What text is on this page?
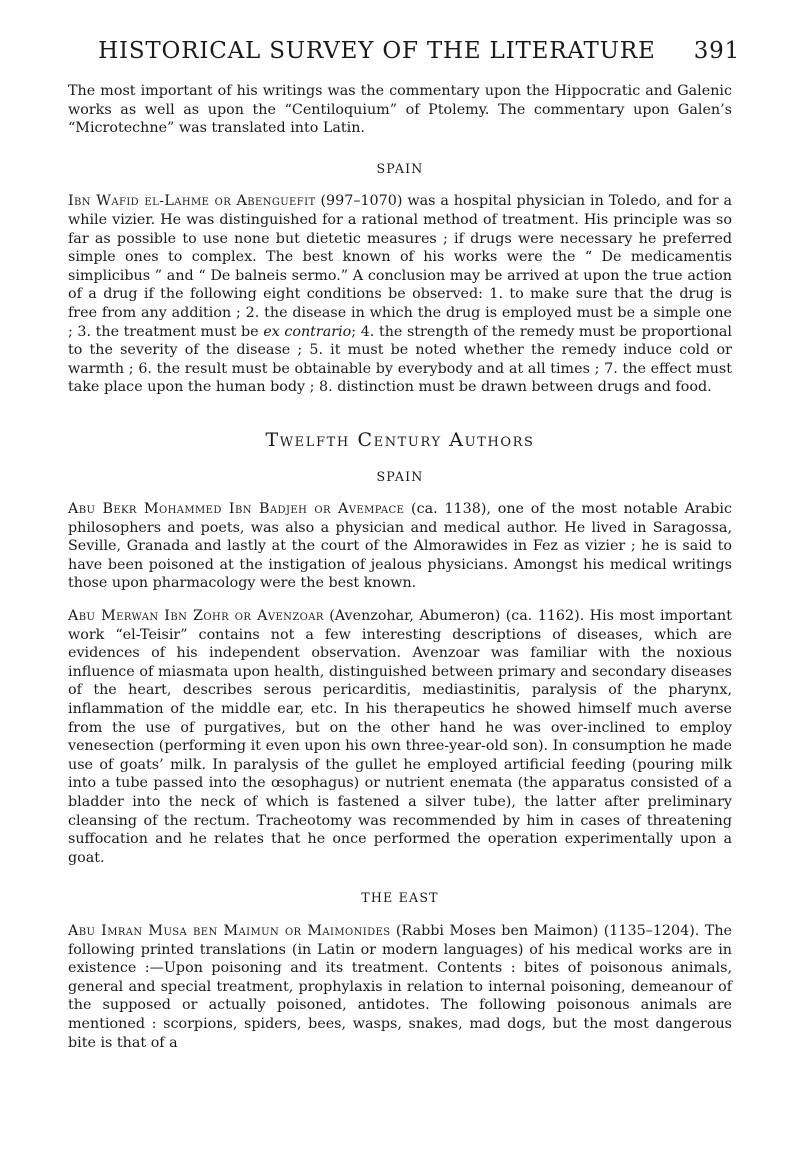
HISTORICAL SURVEY OF THE LITERATURE	391

The most important of his writings was the commentary upon the Hippocratic and Galenic works as well as upon the “Centiloquium” of Ptolemy. The commentary upon Galen’s “Microtechne” was translated into Latin.

SPAIN

Ibn Wafid el-Lahme or Abenguefit (997–1070) was a hospital physician in Toledo, and for a while vizier. He was distinguished for a rational method of treatment. His principle was so far as possible to use none but dietetic measures ; if drugs were necessary he preferred simple ones to complex. The best known of his works were the “ De medicamentis simplicibus ” and “ De balneis sermo.” A conclusion may be arrived at upon the true action of a drug if the following eight conditions be observed: 1. to make sure that the drug is free from any addition ; 2. the disease in which the drug is employed must be a simple one ; 3. the treatment must be ex contrario; 4. the strength of the remedy must be proportional to the severity of the disease ; 5. it must be noted whether the remedy induce cold or warmth ; 6. the result must be obtainable by everybody and at all times ; 7. the effect must take place upon the human body ; 8. distinction must be drawn between drugs and food.

Twelfth Century Authors
SPAIN

Abu Bekr Mohammed Ibn Badjeh or Avempace (ca. 1138), one of the most notable Arabic philosophers and poets, was also a physician and medical author. He lived in Saragossa, Seville, Granada and lastly at the court of the Almorawides in Fez as vizier ; he is said to have been poisoned at the instigation of jealous physicians. Amongst his medical writings those upon pharmacology were the best known.

Abu Merwan Ibn Zohr or Avenzoar (Avenzohar, Abumeron) (ca. 1162). His most important work “el-Teisir” contains not a few interesting descriptions of diseases, which are evidences of his independent observation. Avenzoar was familiar with the noxious influence of miasmata upon health, distinguished between primary and secondary diseases of the heart, describes serous pericarditis, mediastinitis, paralysis of the pharynx, inflammation of the middle ear, etc. In his therapeutics he showed himself much averse from the use of purgatives, but on the other hand he was over-inclined to employ venesection (performing it even upon his own three-year-old son). In consumption he made use of goats’ milk. In paralysis of the gullet he employed artificial feeding (pouring milk into a tube passed into the œsophagus) or nutrient enemata (the apparatus consisted of a bladder into the neck of which is fastened a silver tube), the latter after preliminary cleansing of the rectum. Tracheotomy was recommended by him in cases of threatening suffocation and he relates that he once performed the operation experimentally upon a goat.

THE EAST

Abu Imran Musa ben Maimun or Maimonides (Rabbi Moses ben Maimon) (1135–1204). The following printed translations (in Latin or modern languages) of his medical works are in existence :—Upon poisoning and its treatment. Contents : bites of poisonous animals, general and special treatment, prophylaxis in relation to internal poisoning, demeanour of the supposed or actually poisoned, antidotes. The following poisonous animals are mentioned : scorpions, spiders, bees, wasps, snakes, mad dogs, but the most dangerous bite is that of a
